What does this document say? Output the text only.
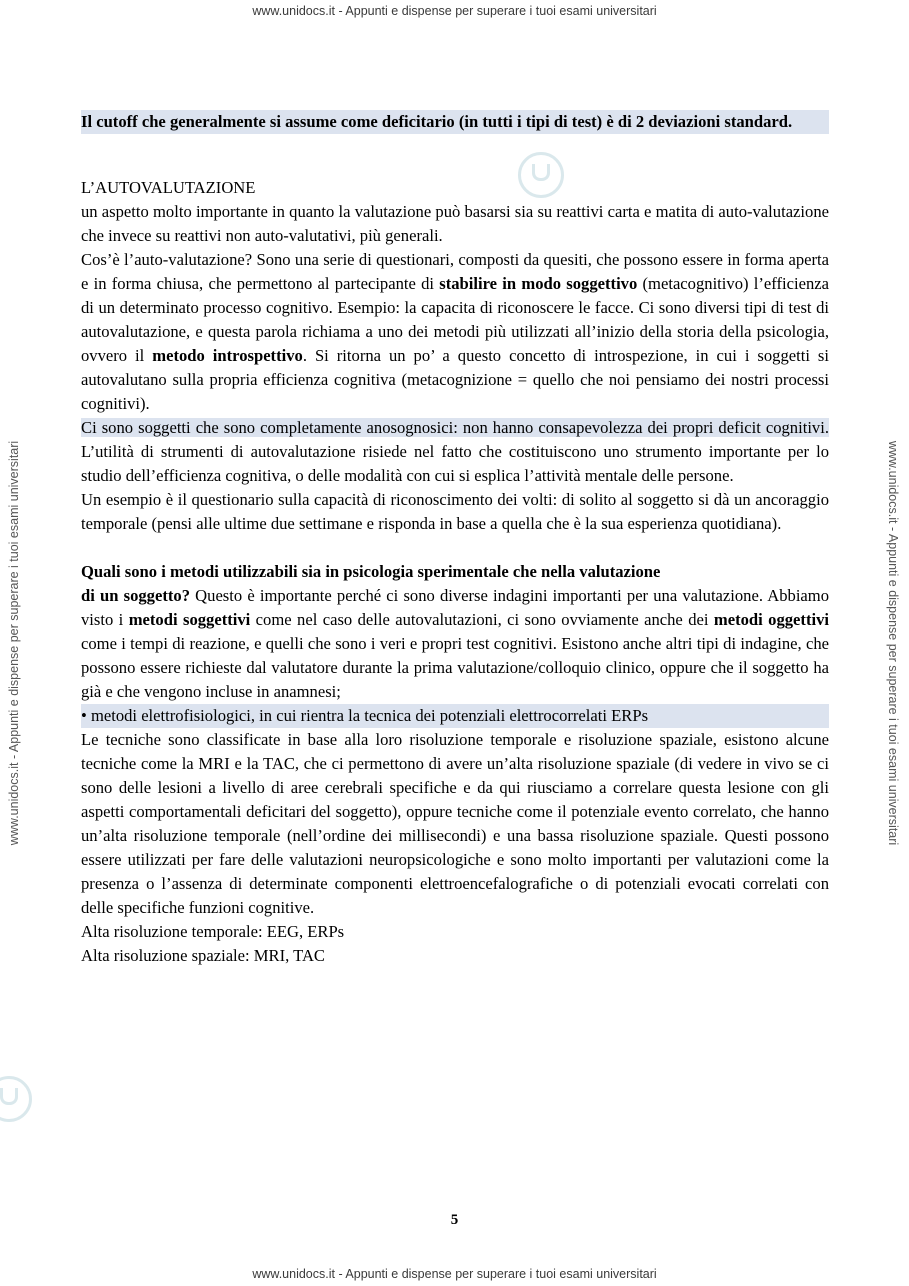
www.unidocs.it - Appunti e dispense per superare i tuoi esami universitari
www.unidocs.it - Appunti e dispense per superare i tuoi esami universitari	www.unidocs.it - Appunti e dispense per superare i tuoi esami universitari

Il cutoff che generalmente si assume come deficitario (in tutti i tipi di test) è di 2 deviazioni standard.

L’AUTOVALUTAZIONE

un aspetto molto importante in quanto la valutazione può basarsi sia su reattivi carta e matita di auto-valutazione che invece su reattivi non auto-valutativi, più generali.

Cos’è l’auto-valutazione? Sono una serie di questionari, composti da quesiti, che possono essere in forma aperta e in forma chiusa, che permettono al partecipante di stabilire in modo soggettivo (metacognitivo) l’efficienza di un determinato processo cognitivo. Esempio: la capacita di riconoscere le facce. Ci sono diversi tipi di test di autovalutazione, e questa parola richiama a uno dei metodi più utilizzati all’inizio della storia della psicologia, ovvero il metodo introspettivo. Si ritorna un po’ a questo concetto di introspezione, in cui i soggetti si autovalutano sulla propria efficienza cognitiva (metacognizione = quello che noi pensiamo dei nostri processi cognitivi).

Ci sono soggetti che sono completamente anosognosici: non hanno consapevolezza dei propri deficit cognitivi. L’utilità di strumenti di autovalutazione risiede nel fatto che costituiscono uno strumento importante per lo studio dell’efficienza cognitiva, o delle modalità con cui si esplica l’attività mentale delle persone.

Un esempio è il questionario sulla capacità di riconoscimento dei volti: di solito al soggetto si dà un ancoraggio temporale (pensi alle ultime due settimane e risponda in base a quella che è la sua esperienza quotidiana).

Quali sono i metodi utilizzabili sia in psicologia sperimentale che nella valutazione
di un soggetto? Questo è importante perché ci sono diverse indagini importanti per una valutazione. Abbiamo visto i metodi soggettivi come nel caso delle autovalutazioni, ci sono ovviamente anche dei metodi oggettivi come i tempi di reazione, e quelli che sono i veri e propri test cognitivi. Esistono anche altri tipi di indagine, che possono essere richieste dal valutatore durante la prima valutazione/colloquio clinico, oppure che il soggetto ha già e che vengono incluse in anamnesi;

• metodi elettrofisiologici, in cui rientra la tecnica dei potenziali elettrocorrelati ERPs

Le tecniche sono classificate in base alla loro risoluzione temporale e risoluzione spaziale, esistono alcune tecniche come la MRI e la TAC, che ci permettono di avere un’alta risoluzione spaziale (di vedere in vivo se ci sono delle lesioni a livello di aree cerebrali specifiche e da qui riusciamo a correlare questa lesione con gli aspetti comportamentali deficitari del soggetto), oppure tecniche come il potenziale evento correlato, che hanno un’alta risoluzione temporale (nell’ordine dei millisecondi) e una bassa risoluzione spaziale. Questi possono essere utilizzati per fare delle valutazioni neuropsicologiche e sono molto importanti per valutazioni come la presenza o l’assenza di determinate componenti elettroencefalografiche o di potenziali evocati correlati con delle specifiche funzioni cognitive.

Alta risoluzione temporale: EEG, ERPs

Alta risoluzione spaziale: MRI, TAC

5
www.unidocs.it - Appunti e dispense per superare i tuoi esami universitari
